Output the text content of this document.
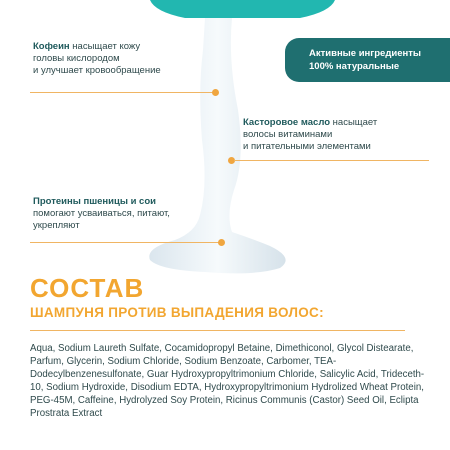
Кофеин насыщает кожу
головы кислородом
и улучшает кровообращение
Активные ингредиенты
100% натуральные
Касторовое масло насыщает
волосы витаминами
и питательными элементами
Протеины пшеницы и сои
помогают усваиваться, питают,
укрепляют
СОСТАВ
ШАМПУНЯ ПРОТИВ ВЫПАДЕНИЯ ВОЛОС:
Aqua, Sodium Laureth Sulfate, Cocamidopropyl Betaine, Dimethiconol, Glycol Distearate, Parfum, Glycerin, Sodium Chloride, Sodium Benzoate, Carbomer, TEA-Dodecylbenzenesulfonate, Guar Hydroxypropyltrimonium Chloride, Salicylic Acid, Trideceth-10, Sodium Hydroxide, Disodium EDTA, Hydroxypropyltrimonium Hydrolized Wheat Protein, PEG-45M, Caffeine, Hydrolyzed Soy Protein, Ricinus Communis (Castor) Seed Oil, Eclipta Prostrata Extract
